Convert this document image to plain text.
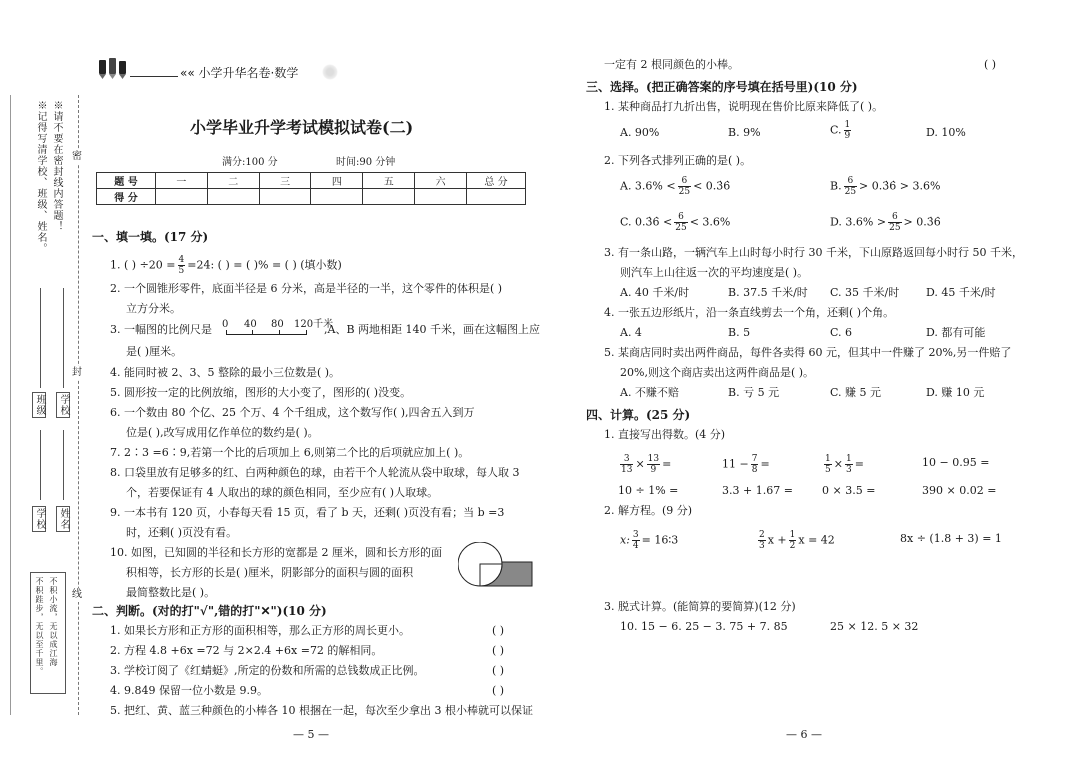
※请不要在密封线内答题！
※记得写清学校、班级、姓名。	密
封
线
班级 学校
学校 姓名
不积小流，无以成江海
不积跬步，无以至千里。
«« 小学升华名卷·数学
小学毕业升学考试模拟试卷(二)
满分:100 分	时间:90 分钟
题 号	一	二	三	四	五	六	总 分
得 分							
一、填一填。(17 分)
1. ( ) $\div 20 = \frac{4}{5} =24$: ( ) = ( )% = ( ) (填小数)
2. 一个圆锥形零件，底面半径是 6 分米，高是半径的一半，这个零件的体积是( )
立方分米。
3. 一幅图的比例尺是 0 40 80 120千米
,A、B 两地相距 140 千米，画在这幅图上应
是( )厘米。
4. 能同时被 2、3、5 整除的最小三位数是( )。
5. 圆形按一定的比例放缩，图形的大小变了，图形的( )没变。
6. 一个数由 80 个亿、25 个万、4 个千组成，这个数写作( ),四舍五入到万
位是( ),改写成用亿作单位的数约是( )。
7. 2∶3 =6∶9,若第一个比的后项加上 6,则第二个比的后项就应加上( )。
8. 口袋里放有足够多的红、白两种颜色的球，由若干个人轮流从袋中取球，每人取 3
个，若要保证有 4 人取出的球的颜色相同，至少应有( )人取球。
9. 一本书有 120 页，小春每天看 15 页，看了 b 天，还剩( )页没有看；当 b =3
时，还剩( )页没有看。
10. 如图，已知圆的半径和长方形的宽都是 2 厘米，圆和长方形的面
积相等，长方形的长是( )厘米，阴影部分的面积与圆的面积
最简整数比是( )。
二、判断。(对的打"√",错的打"✕")(10 分)
1. 如果长方形和正方形的面积相等，那么正方形的周长更小。	( )
2. 方程 4.8 +6x =72 与 2×2.4 +6x =72 的解相同。	( )
3. 学校订阅了《红蜻蜓》,所定的份数和所需的总钱数成正比例。	( )
4. 9.849 保留一位小数是 9.9。	( )
5. 把红、黄、蓝三种颜色的小棒各 10 根捆在一起，每次至少拿出 3 根小棒就可以保证
— 5 —
一定有 2 根同颜色的小棒。	( )
三、选择。(把正确答案的序号填在括号里)(10 分)
1. 某种商品打九折出售，说明现在售价比原来降低了( )。
A. 90%	B. 9%	C. $\frac{1}{9}$	D. 10%
2. 下列各式排列正确的是( )。
A. $3.6\% < \frac{6}{25}$ < 0.3̇6̇	B. $\frac{6}{25}$ > 0.3̇6̇ > 3.6%
C. 0.3̇6̇ < $\frac{6}{25} < 3.6\%$	D. $3.6\% > \frac{6}{25}$ > 0.3̇6̇
3. 有一条山路，一辆汽车上山时每小时行 30 千米，下山原路返回每小时行 50 千米，
则汽车上山往返一次的平均速度是( )。
A. 40 千米/时	B. 37.5 千米/时 C. 35 千米/时 D. 45 千米/时
4. 一张五边形纸片，沿一条直线剪去一个角，还剩( )个角。
A. 4	B. 5	C. 6	D. 都有可能
5. 某商店同时卖出两件商品，每件各卖得 60 元，但其中一件赚了 20%,另一件赔了
20%,则这个商店卖出这两件商品是( )。
A. 不赚不赔	B. 亏 5 元	C. 赚 5 元	D. 赚 10 元
四、计算。(25 分)
1. 直接写出得数。(4 分)
$\frac{3}{13} \times \frac{13}{9}$ =	$11 - \frac{7}{8}$ =	$\frac{1}{5} \times \frac{1}{3}$ =	10 − 0.95 =
10 ÷ 1% =	3.3 + 1.67 =	0 × 3.5 =	390 × 0.02 =
2. 解方程。(9 分)
x: $\frac{3}{4}$ = 16∶3	$\frac{2}{3}$ $x + \frac{1}{2}$ x = 42	8x ÷ (1.8 + 3) = 1
3. 脱式计算。(能简算的要简算)(12 分)
10. 15 − 6. 25 − 3. 75 + 7. 85	25 × 12. 5 × 32
— 6 —
